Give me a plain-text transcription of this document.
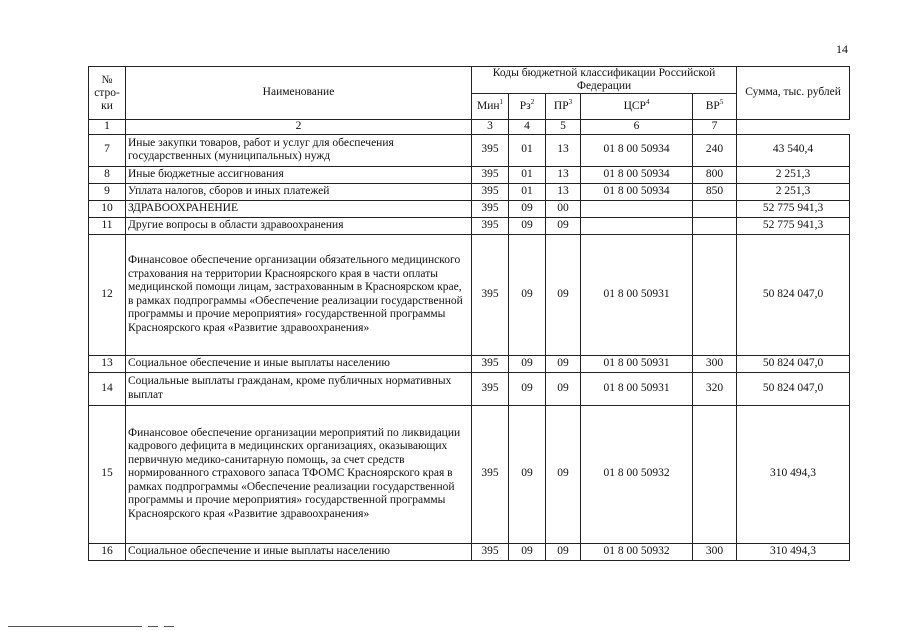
14
№ стро-ки	Наименование	Коды бюджетной классификации Российской Федерации					Сумма, тыс. рублей
		Мин$^1$	$Рз^2$	$ПР^3$	ЦСР$^4$	$ВР^5$
1	2	3	4	5	6	7	
7	Иные закупки товаров, работ и услуг для обеспечения государственных (муниципальных) нужд	395	01	13	01 8 00 50934	240	43 540,4
8	Иные бюджетные ассигнования	395	01	13	01 8 00 50934	800	2 251,3
9	Уплата налогов, сборов и иных платежей	395	01	13	01 8 00 50934	850	2 251,3
10	ЗДРАВООХРАНЕНИЕ	395	09	00			52 775 941,3
11	Другие вопросы в области здравоохранения	395	09	09			52 775 941,3
12	Финансовое обеспечение организации обязательного медицинского страхования на территории Красноярского края в части оплаты медицинской помощи лицам, застрахованным в Красноярском крае, в рамках подпрограммы «Обеспечение реализации государственной программы и прочие мероприятия» государственной программы Красноярского края «Развитие здравоохранения»	395	09	09	01 8 00 50931		50 824 047,0
13	Социальное обеспечение и иные выплаты населению	395	09	09	01 8 00 50931	300	50 824 047,0
14	Социальные выплаты гражданам, кроме публичных нормативных выплат	395	09	09	01 8 00 50931	320	50 824 047,0
15	Финансовое обеспечение организации мероприятий по ликвидации кадрового дефицита в медицинских организациях, оказывающих первичную медико-санитарную помощь, за счет средств нормированного страхового запаса ТФОМС Красноярского края в рамках подпрограммы «Обеспечение реализации государственной программы и прочие мероприятия» государственной программы Красноярского края «Развитие здравоохранения»	395	09	09	01 8 00 50932		310 494,3
16	Социальное обеспечение и иные выплаты населению	395	09	09	01 8 00 50932	300	310 494,3
